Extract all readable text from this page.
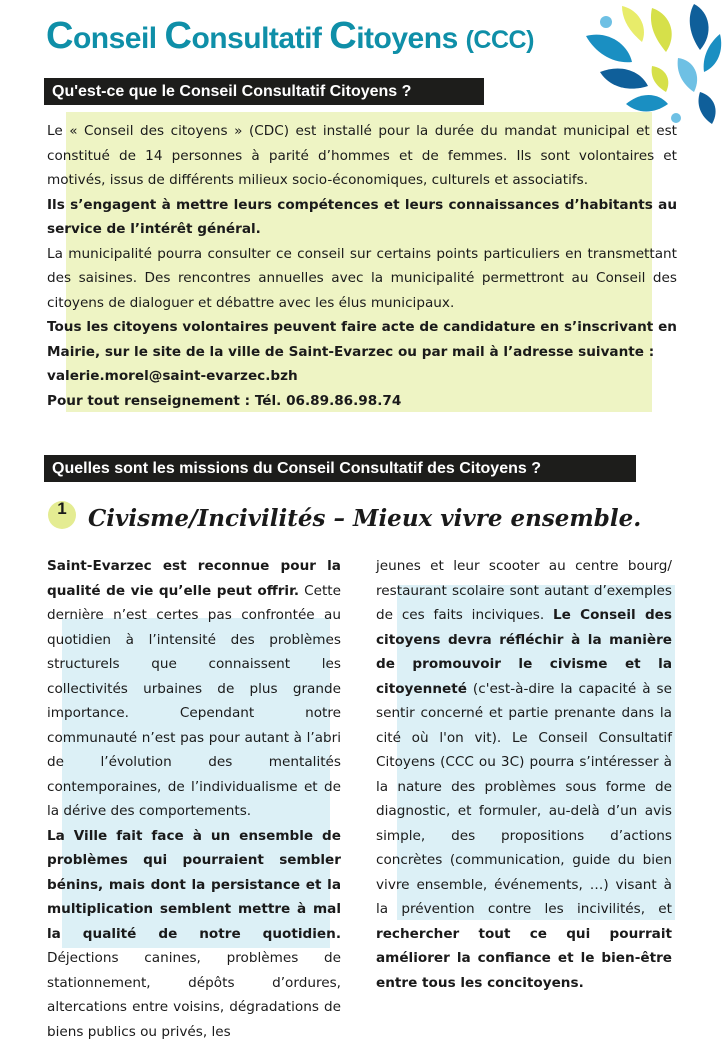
Conseil Consultatif Citoyens (CCC)
Qu'est-ce que le Conseil Consultatif Citoyens ?

Le « Conseil des citoyens » (CDC) est installé pour la durée du mandat municipal et est constitué de 14 personnes à parité d’hommes et de femmes. Ils sont volontaires et motivés, issus de différents milieux socio-économiques, culturels et associatifs.

Ils s’engagent à mettre leurs compétences et leurs connaissances d’habitants au service de l’intérêt général.

La municipalité pourra consulter ce conseil sur certains points particuliers en transmettant des saisines. Des rencontres annuelles avec la municipalité permettront au Conseil des citoyens de dialoguer et débattre avec les élus municipaux.

Tous les citoyens volontaires peuvent faire acte de candidature en s’inscrivant en Mairie, sur le site de la ville de Saint-Evarzec ou par mail à l’adresse suivante :

valerie.morel@saint-evarzec.bzh

Pour tout renseignement : Tél. 06.89.86.98.74

Quelles sont les missions du Conseil Consultatif des Citoyens ?
1 Civisme/Incivilités – Mieux vivre ensemble.

Saint-Evarzec est reconnue pour la qualité de vie qu’elle peut offrir. Cette dernière n’est certes pas confrontée au quotidien à l’intensité des problèmes structurels que connaissent les collectivités urbaines de plus grande importance. Cependant notre communauté n’est pas pour autant à l’abri de l’évolution des mentalités contemporaines, de l’individualisme et de la dérive des comportements.

La Ville fait face à un ensemble de problèmes qui pourraient sembler bénins, mais dont la persistance et la multiplication semblent mettre à mal la qualité de notre quotidien. Déjections canines, problèmes de stationnement, dépôts d’ordures, altercations entre voisins, dégradations de biens publics ou privés, les

jeunes et leur scooter au centre bourg/ restaurant scolaire sont autant d’exemples de ces faits inciviques. Le Conseil des citoyens devra réfléchir à la manière de promouvoir le civisme et la citoyenneté (c'est-à-dire la capacité à se sentir concerné et partie prenante dans la cité où l'on vit). Le Conseil Consultatif Citoyens (CCC ou 3C) pourra s’intéresser à la nature des problèmes sous forme de diagnostic, et formuler, au-delà d’un avis simple, des propositions d’actions concrètes (communication, guide du bien vivre ensemble, événements, …) visant à la prévention contre les incivilités, et rechercher tout ce qui pourrait améliorer la confiance et le bien-être entre tous les concitoyens.
